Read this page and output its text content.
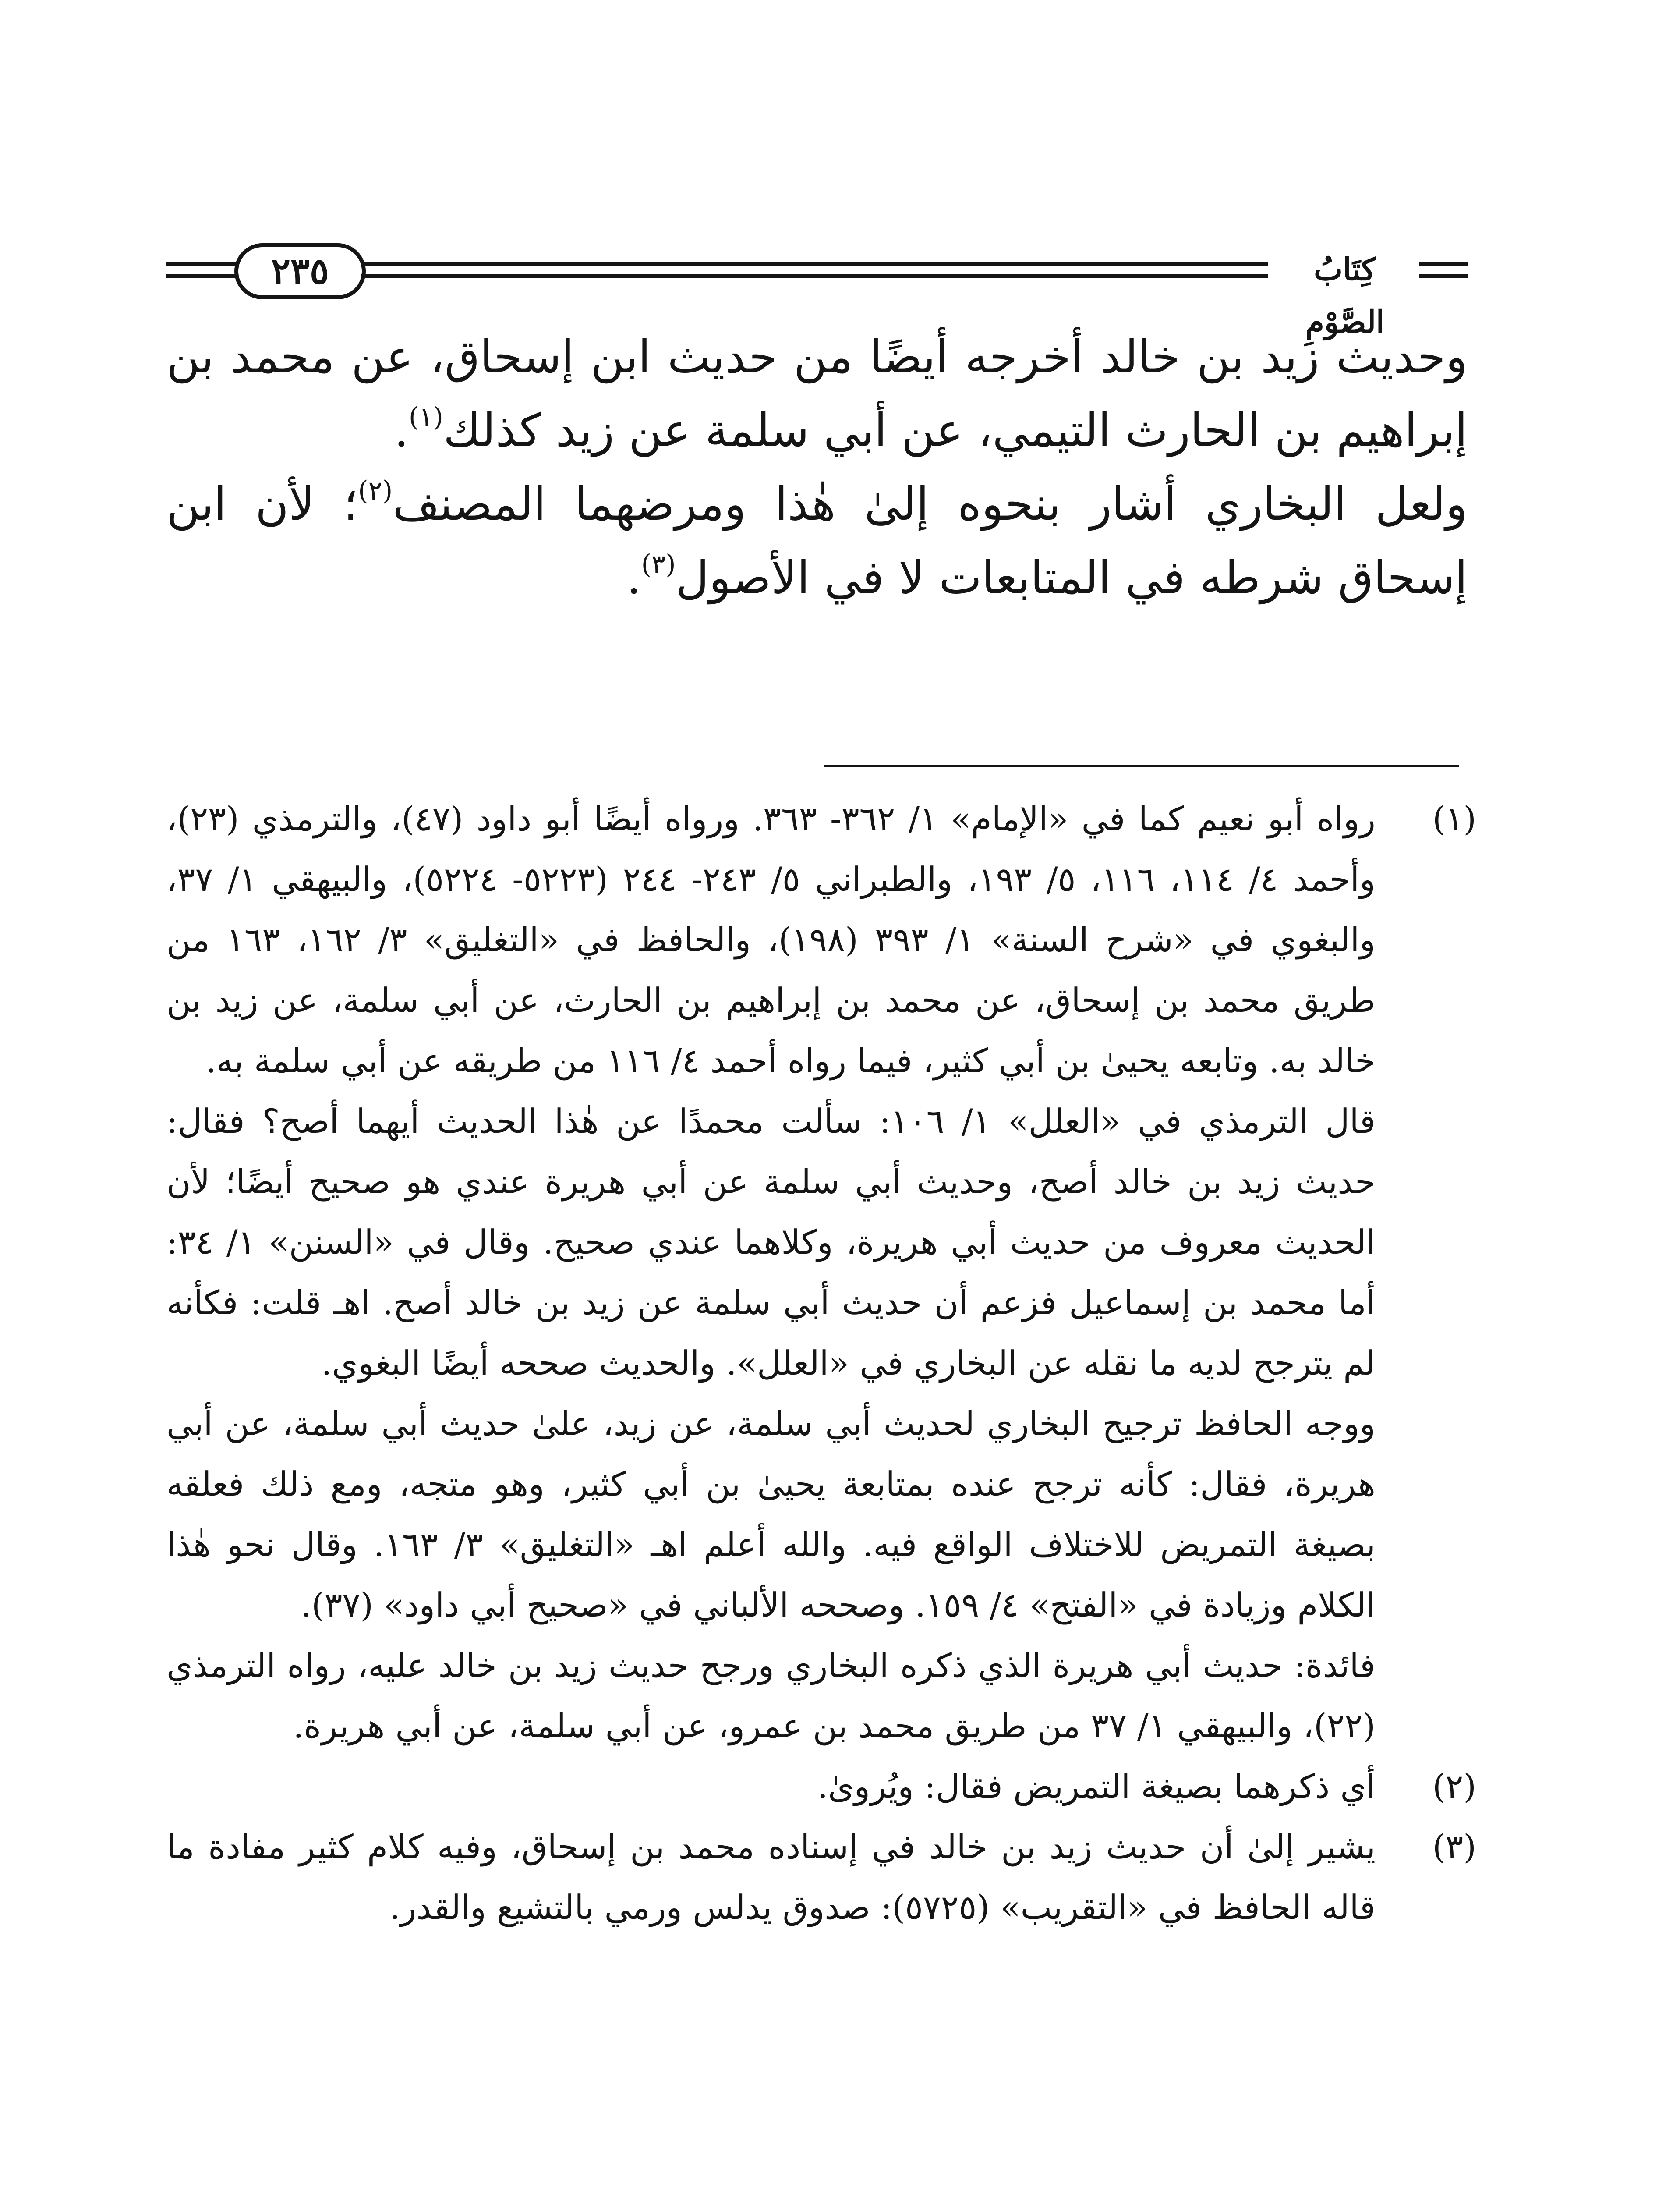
٢٣٥	كِتَابُ الصَّوْمِ

وحديث زيد بن خالد أخرجه أيضًا من حديث ابن إسحاق، عن محمد بن إبراهيم بن الحارث التيمي، عن أبي سلمة عن زيد كذلك$^{(١)}$.

ولعل البخاري أشار بنحوه إلىٰ هٰذا ومرضهما المصنف$^{(٢)}$؛ لأن ابن إسحاق شرطه في المتابعات لا في الأصول$^{(٣)}$.

(١)

رواه أبو نعيم كما في «الإمام» ١/ ٣٦٢- ٣٦٣. ورواه أيضًا أبو داود (٤٧)، والترمذي (٢٣)، وأحمد ٤/ ١١٤، ١١٦، ٥/ ١٩٣، والطبراني ٥/ ٢٤٣- ٢٤٤ (٥٢٢٣- ٥٢٢٤)، والبيهقي ١/ ٣٧، والبغوي في «شرح السنة» ١/ ٣٩٣ (١٩٨)، والحافظ في «التغليق» ٣/ ١٦٢، ١٦٣ من طريق محمد بن إسحاق، عن محمد بن إبراهيم بن الحارث، عن أبي سلمة، عن زيد بن خالد به. وتابعه يحيىٰ بن أبي كثير، فيما رواه أحمد ٤/ ١١٦ من طريقه عن أبي سلمة به.

قال الترمذي في «العلل» ١/ ١٠٦: سألت محمدًا عن هٰذا الحديث أيهما أصح؟ فقال: حديث زيد بن خالد أصح، وحديث أبي سلمة عن أبي هريرة عندي هو صحيح أيضًا؛ لأن الحديث معروف من حديث أبي هريرة، وكلاهما عندي صحيح. وقال في «السنن» ١/ ٣٤: أما محمد بن إسماعيل فزعم أن حديث أبي سلمة عن زيد بن خالد أصح. اهـ قلت: فكأنه لم يترجح لديه ما نقله عن البخاري في «العلل». والحديث صححه أيضًا البغوي.

ووجه الحافظ ترجيح البخاري لحديث أبي سلمة، عن زيد، علىٰ حديث أبي سلمة، عن أبي هريرة، فقال: كأنه ترجح عنده بمتابعة يحيىٰ بن أبي كثير، وهو متجه، ومع ذلك فعلقه بصيغة التمريض للاختلاف الواقع فيه. والله أعلم اهـ «التغليق» ٣/ ١٦٣. وقال نحو هٰذا الكلام وزيادة في «الفتح» ٤/ ١٥٩. وصححه الألباني في «صحيح أبي داود» (٣٧).

فائدة: حديث أبي هريرة الذي ذكره البخاري ورجح حديث زيد بن خالد عليه، رواه الترمذي (٢٢)، والبيهقي ١/ ٣٧ من طريق محمد بن عمرو، عن أبي سلمة، عن أبي هريرة.

(٢)

أي ذكرهما بصيغة التمريض فقال: ويُروىٰ.

(٣)

يشير إلىٰ أن حديث زيد بن خالد في إسناده محمد بن إسحاق، وفيه كلام كثير مفادة ما قاله الحافظ في «التقريب» (٥٧٢٥): صدوق يدلس ورمي بالتشيع والقدر.
